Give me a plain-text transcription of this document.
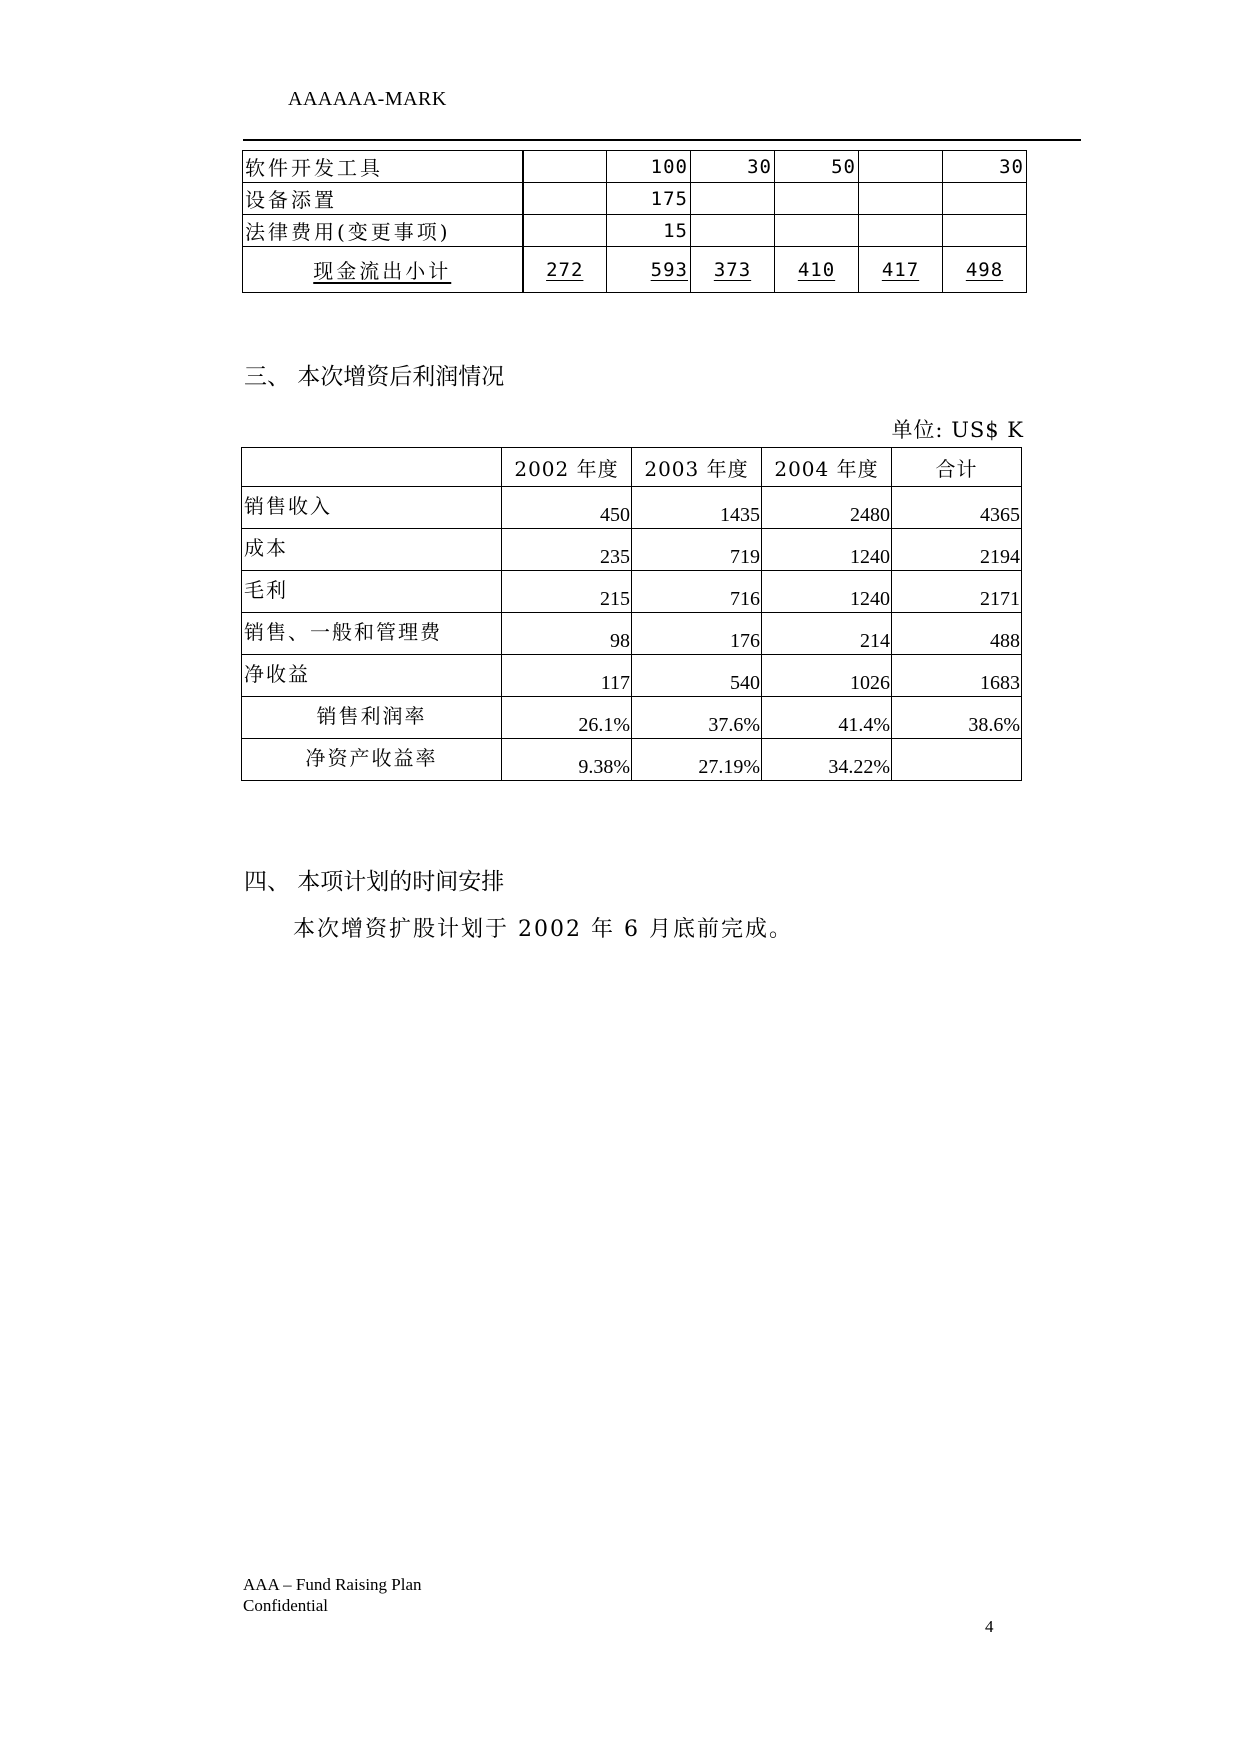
AAAAAA-MARK
软件开发工具		100	30	50		30
设备添置		175				
法律费用(变更事项)		15				
现金流出小计	272	593	373	410	417	498
三、 本次增资后利润情况
单位: US$ K
	2002 年度	2003 年度	2004 年度	合计
销售收入	450	1435	2480	4365
成本	235	719	1240	2194
毛利	215	716	1240	2171
销售、一般和管理费	98	176	214	488
净收益	117	540	1026	1683
销售利润率	26.1%	37.6%	41.4%	38.6%
净资产收益率	9.38%	27.19%	34.22%	
四、 本项计划的时间安排
本次增资扩股计划于 2002 年 6 月底前完成。
AAA – Fund Raising Plan
Confidential
4
